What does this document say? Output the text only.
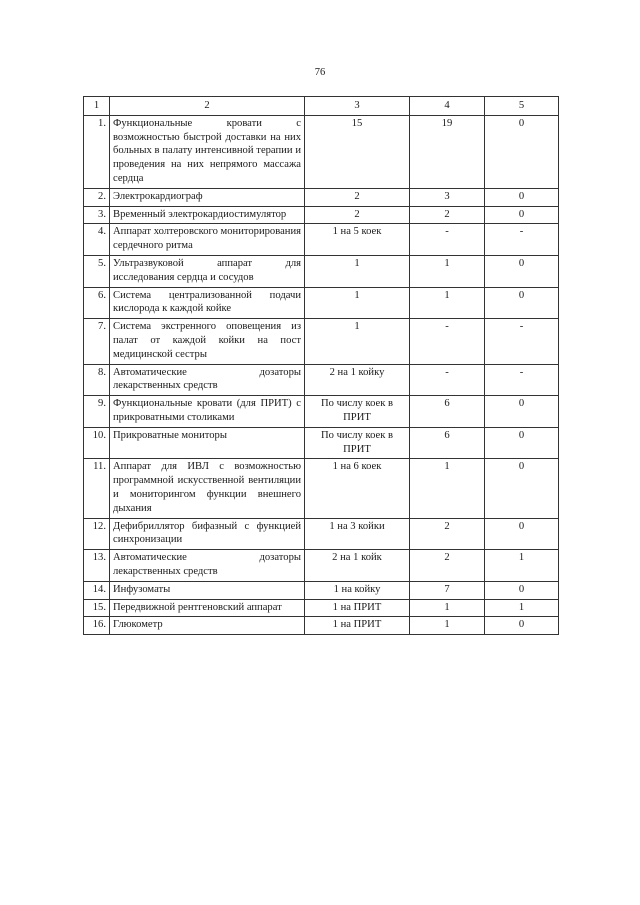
76
1	2	3	4	5
1.	Функциональные кровати с возможностью быстрой доставки на них больных в палату интенсивной терапии и проведения на них непрямого массажа сердца	15	19	0
2.	Электрокардиограф	2	3	0
3.	Временный электрокардиостимулятор	2	2	0
4.	Аппарат холтеровского мониторирования сердечного ритма	1 на 5 коек	-	-
5.	Ультразвуковой аппарат для исследования сердца и сосудов	1	1	0
6.	Система централизованной подачи кислорода к каждой койке	1	1	0
7.	Система экстренного оповещения из палат от каждой койки на пост медицинской сестры	1	-	-
8.	Автоматические дозаторы лекарственных средств	2 на 1 койку	-	-
9.	Функциональные кровати (для ПРИТ) с прикроватными столиками	По числу коек в ПРИТ	6	0
10.	Прикроватные мониторы	По числу коек в ПРИТ	6	0
11.	Аппарат для ИВЛ с возможностью программной искусственной вентиляции и мониторингом функции внешнего дыхания	1 на 6 коек	1	0
12.	Дефибриллятор бифазный с функцией синхронизации	1 на 3 койки	2	0
13.	Автоматические дозаторы лекарственных средств	2 на 1 койк	2	1
14.	Инфузоматы	1 на койку	7	0
15.	Передвижной рентгеновский аппарат	1 на ПРИТ	1	1
16.	Глюкометр	1 на ПРИТ	1	0
